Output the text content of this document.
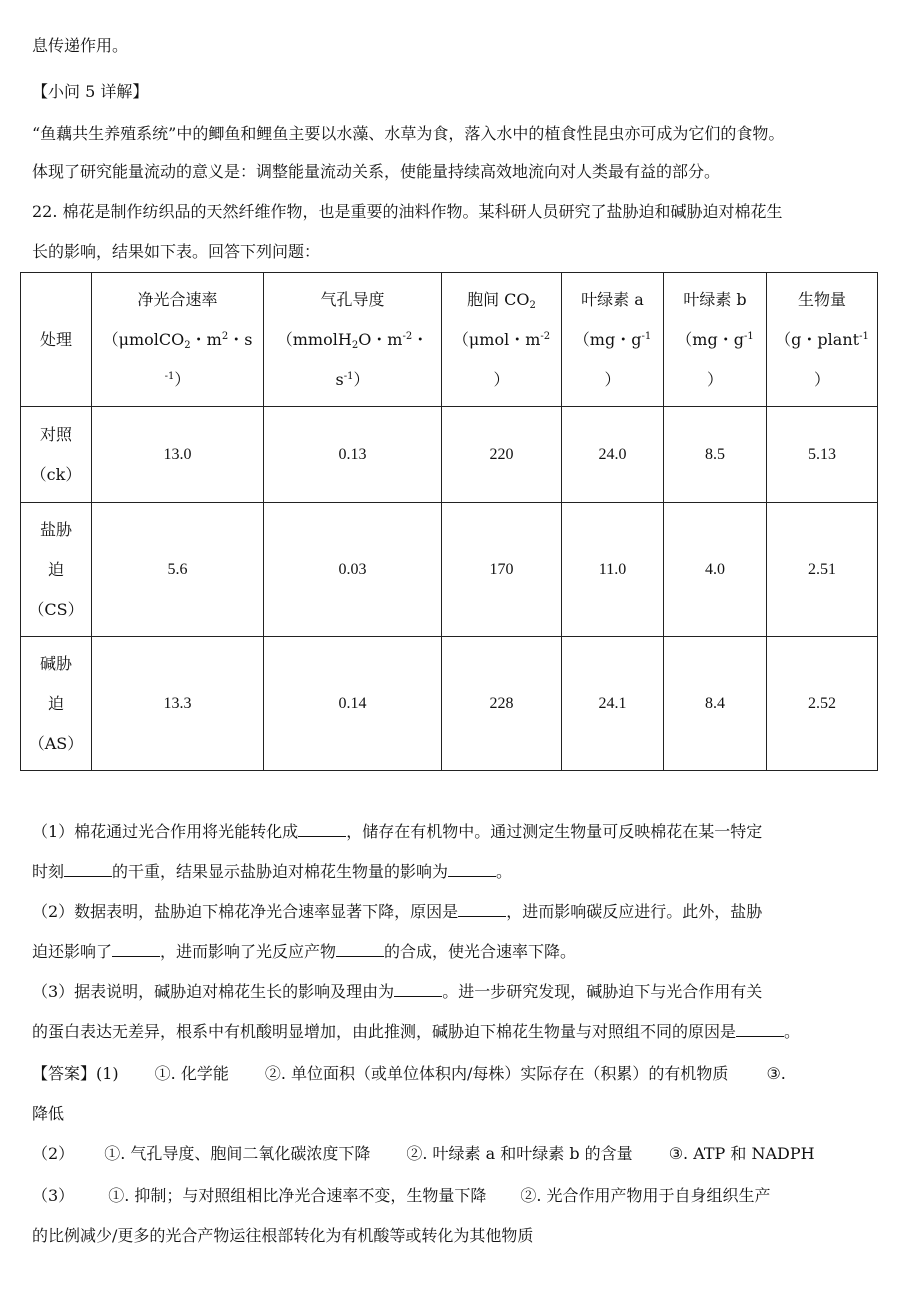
息传递作用。
【小问 5 详解】
“鱼藕共生养殖系统”中的鲫鱼和鲤鱼主要以水藻、水草为食，落入水中的植食性昆虫亦可成为它们的食物。
体现了研究能量流动的意义是：调整能量流动关系，使能量持续高效地流向对人类最有益的部分。
22. 棉花是制作纺织品的天然纤维作物，也是重要的油料作物。某科研人员研究了盐胁迫和碱胁迫对棉花生
长的影响，结果如下表。回答下列问题：
处理	净光合速率
（μmolCO$_2$・$m^2$・s
$^{-1}$）	气孔导度
（mmolH$_2$O・$m^{-2}$・
$s^{-1}$）	胞间 $CO_2$
（μmol・$m^{-2}$
）	叶绿素 a
（mg・$g^{-1}$
）	叶绿素 b
（mg・$g^{-1}$
）	生物量
（g・plant$^{-1}$
）

对照
（ck）	13.0	0.13	220	24.0	8.5	5.13

盐胁
迫
（CS）	5.6	0.03	170	11.0	4.0	2.51

碱胁
迫
（AS）	13.3	0.14	228	24.1	8.4	2.52
（1）棉花通过光合作用将光能转化成	，储存在有机物中。通过测定生物量可反映棉花在某一特定
时刻	的干重，结果显示盐胁迫对棉花生物量的影响为	。
（2）数据表明，盐胁迫下棉花净光合速率显著下降，原因是	，进而影响碳反应进行。此外，盐胁
迫还影响了	，进而影响了光反应产物	的合成，使光合速率下降。
（3）据表说明，碱胁迫对棉花生长的影响及理由为	。进一步研究发现，碱胁迫下与光合作用有关
的蛋白表达无差异，根系中有机酸明显增加，由此推测，碱胁迫下棉花生物量与对照组不同的原因是	。
【答案】(1) ①. 化学能 ②. 单位面积（或单位体积内/每株）实际存在（积累）的有机物质 ③.
降低
（2） ①. 气孔导度、胞间二氧化碳浓度下降 ②. 叶绿素 a 和叶绿素 b 的含量 ③. ATP 和 NADPH
（3） ①. 抑制；与对照组相比净光合速率不变，生物量下降 ②. 光合作用产物用于自身组织生产
的比例减少/更多的光合产物运往根部转化为有机酸等或转化为其他物质
